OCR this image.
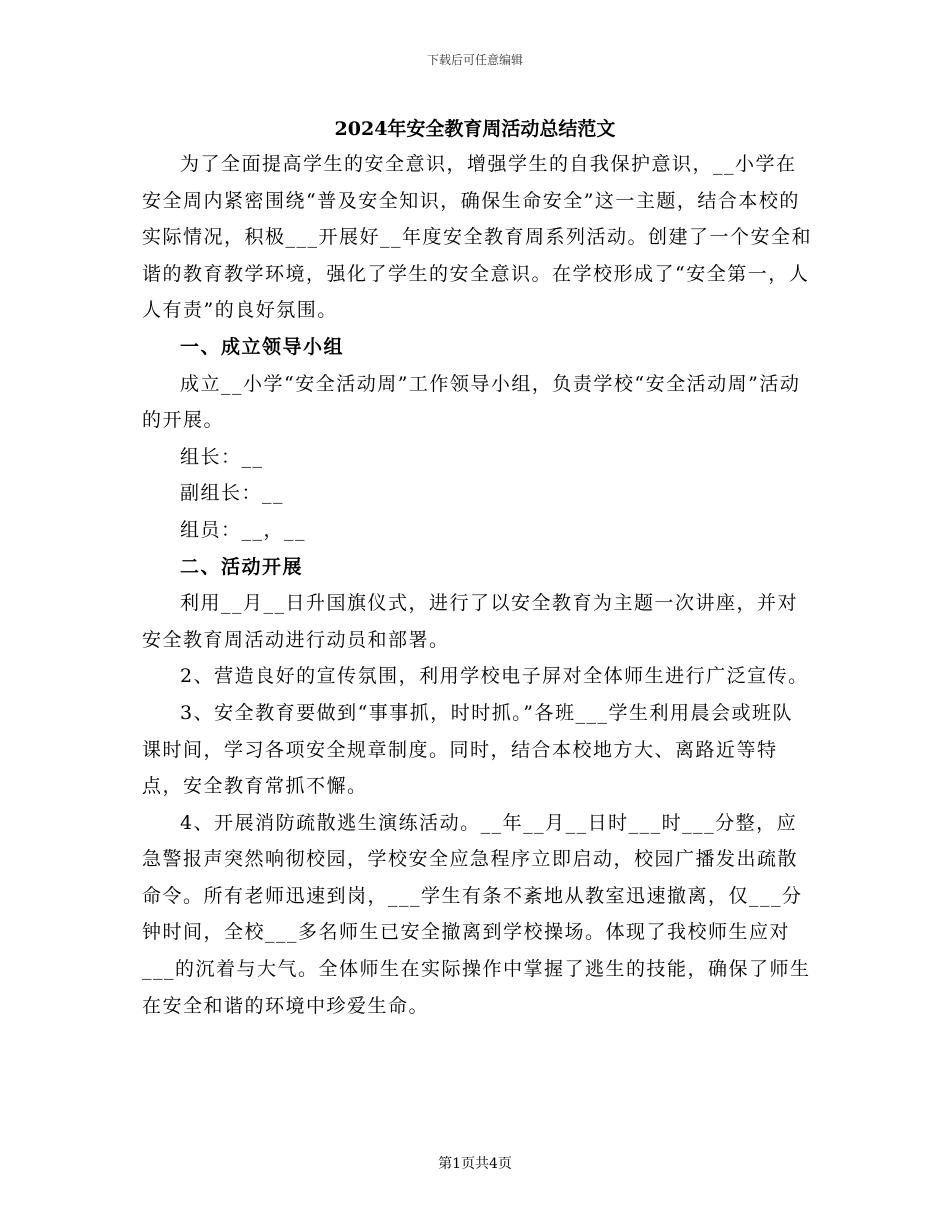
下载后可任意编辑
2024年安全教育周活动总结范文

为了全面提高学生的安全意识，增强学生的自我保护意识，__小学在安全周内紧密围绕“普及安全知识，确保生命安全”这一主题，结合本校的实际情况，积极___开展好__年度安全教育周系列活动。创建了一个安全和谐的教育教学环境，强化了学生的安全意识。在学校形成了“安全第一，人人有责”的良好氛围。

一、成立领导小组

成立__小学“安全活动周”工作领导小组，负责学校“安全活动周”活动的开展。

组长：__

副组长：__

组员：__，__

二、活动开展

利用__月__日升国旗仪式，进行了以安全教育为主题一次讲座，并对安全教育周活动进行动员和部署。

2、营造良好的宣传氛围，利用学校电子屏对全体师生进行广泛宣传。

3、安全教育要做到“事事抓，时时抓。”各班___学生利用晨会或班队课时间，学习各项安全规章制度。同时，结合本校地方大、离路近等特点，安全教育常抓不懈。

4、开展消防疏散逃生演练活动。__年__月__日时___时___分整，应急警报声突然响彻校园，学校安全应急程序立即启动，校园广播发出疏散命令。所有老师迅速到岗，___学生有条不紊地从教室迅速撤离，仅___分钟时间，全校___多名师生已安全撤离到学校操场。体现了我校师生应对___的沉着与大气。全体师生在实际操作中掌握了逃生的技能，确保了师生在安全和谐的环境中珍爱生命。

第1页共4页
